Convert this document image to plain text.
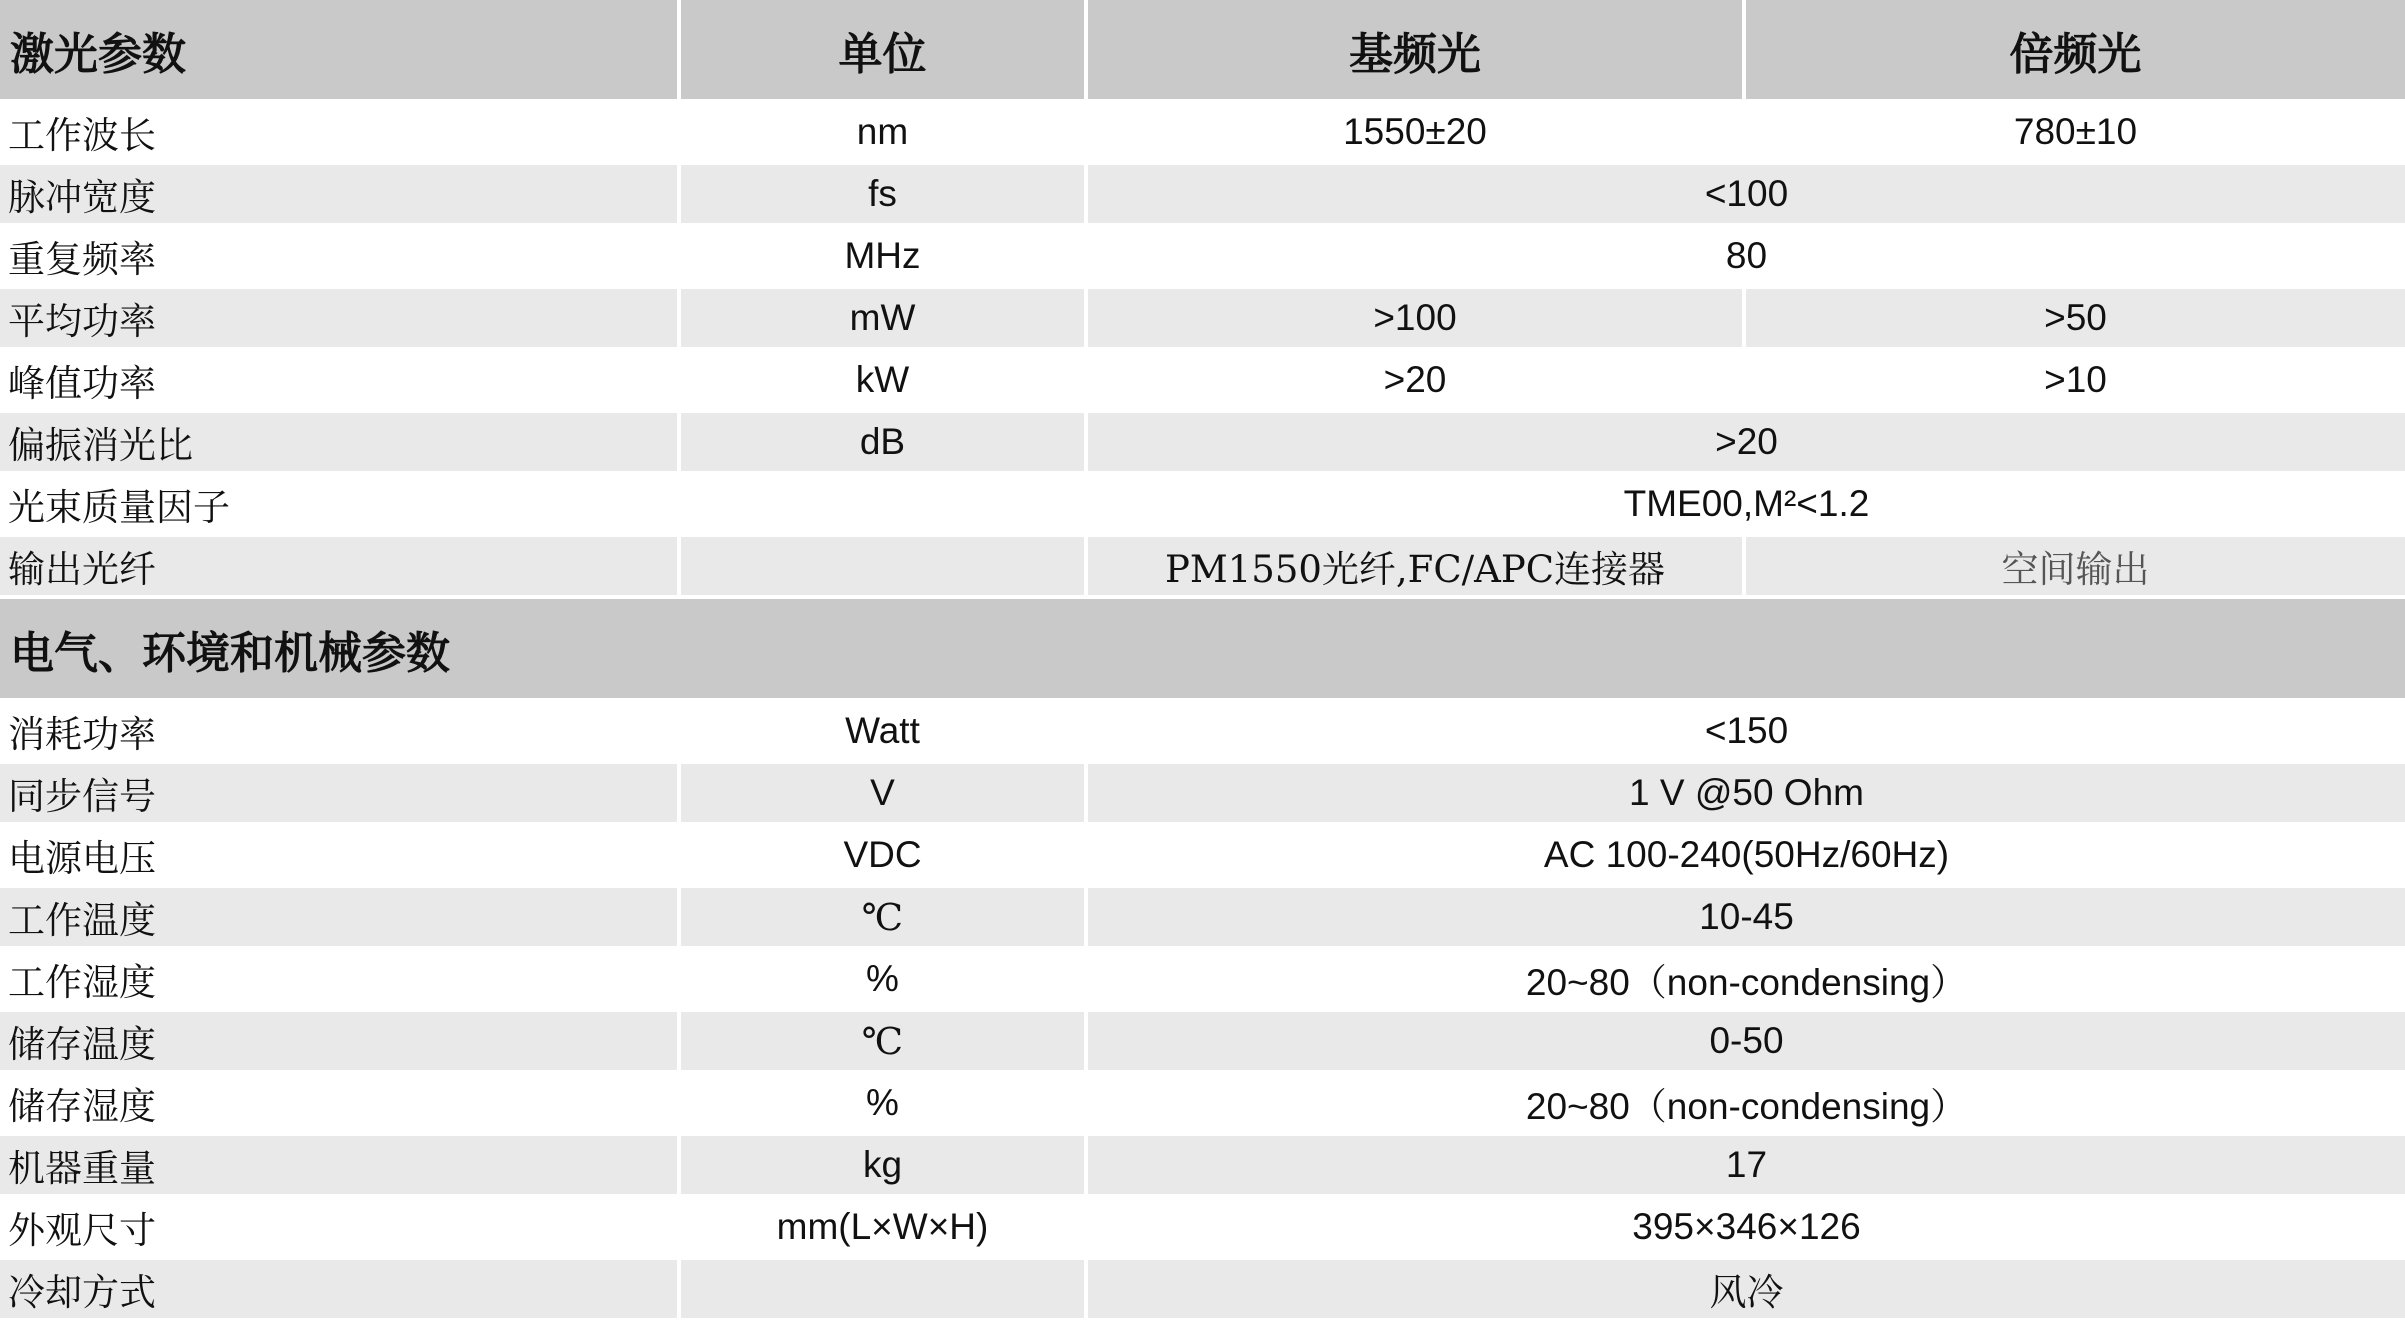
激光参数	单位	基频光	倍频光
工作波长	nm	1550±20	780±10
脉冲宽度	fs	<100	
重复频率	MHz	80	
平均功率	mW	>100	>50
峰值功率	kW	>20	>10
偏振消光比	dB	>20	
光束质量因子		TME00,M²<1.2	
输出光纤		PM1550光纤,FC/APC连接器	空间输出
电气、环境和机械参数			
消耗功率	Watt	<150	
同步信号	V	1 V @50 Ohm	
电源电压	VDC	AC 100-240(50Hz/60Hz)	
工作温度	℃	10-45	
工作湿度	%	20~80（non-condensing）	
储存温度	℃	0-50	
储存湿度	%	20~80（non-condensing）	
机器重量	kg	17	
外观尺寸	mm(L×W×H)	395×346×126	
冷却方式		风冷	
